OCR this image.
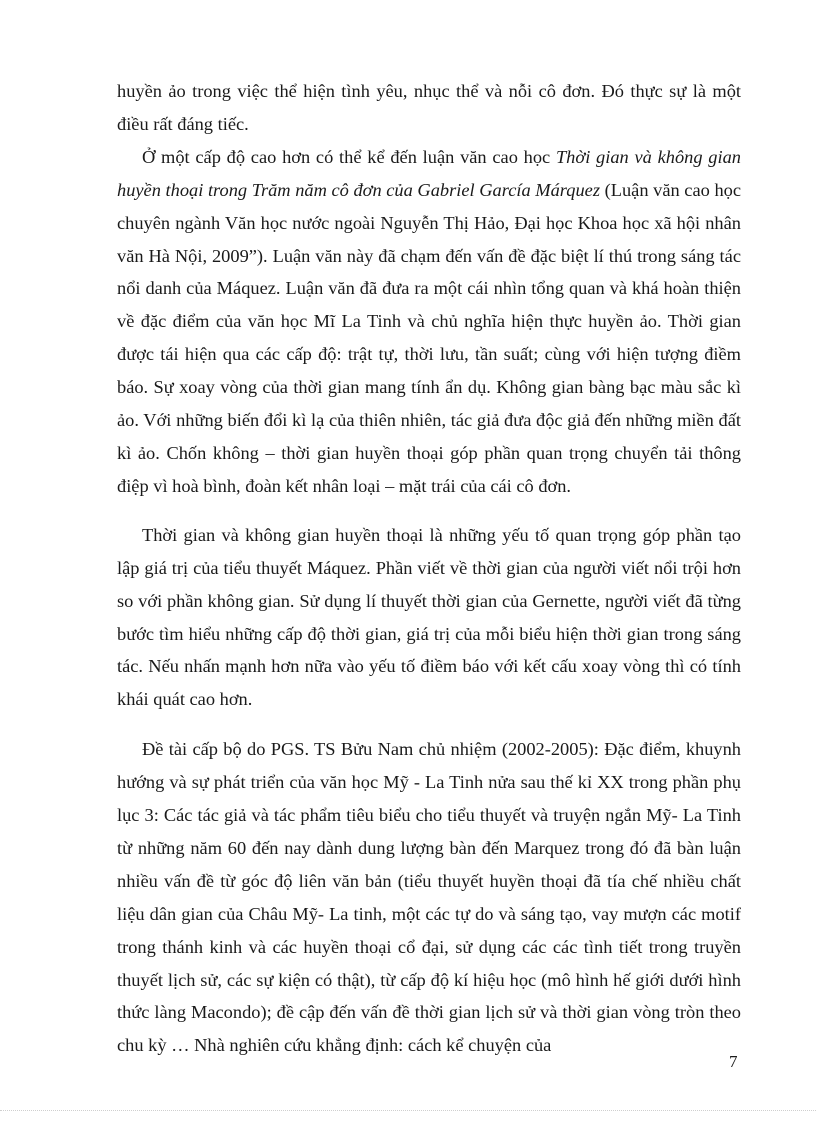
huyền ảo trong việc thể hiện tình yêu, nhục thể và nỗi cô đơn. Đó thực sự là một điều rất đáng tiếc.

Ở một cấp độ cao hơn có thể kể đến luận văn cao học Thời gian và không gian huyền thoại trong Trăm năm cô đơn của Gabriel García Márquez (Luận văn cao học chuyên ngành Văn học nước ngoài Nguyễn Thị Hảo, Đại học Khoa học xã hội nhân văn Hà Nội, 2009”). Luận văn này đã chạm đến vấn đề đặc biệt lí thú trong sáng tác nổi danh của Máquez. Luận văn đã đưa ra một cái nhìn tổng quan và khá hoàn thiện về đặc điểm của văn học Mĩ La Tinh và chủ nghĩa hiện thực huyền ảo. Thời gian được tái hiện qua các cấp độ: trật tự, thời lưu, tần suất; cùng với hiện tượng điềm báo. Sự xoay vòng của thời gian mang tính ẩn dụ. Không gian bàng bạc màu sắc kì ảo. Với những biến đổi kì lạ của thiên nhiên, tác giả đưa độc giả đến những miền đất kì ảo. Chốn không – thời gian huyền thoại góp phần quan trọng chuyển tải thông điệp vì hoà bình, đoàn kết nhân loại – mặt trái của cái cô đơn.

Thời gian và không gian huyền thoại là những yếu tố quan trọng góp phần tạo lập giá trị của tiểu thuyết Máquez. Phần viết về thời gian của người viết nổi trội hơn so với phần không gian. Sử dụng lí thuyết thời gian của Gernette, người viết đã từng bước tìm hiểu những cấp độ thời gian, giá trị của mỗi biểu hiện thời gian trong sáng tác. Nếu nhấn mạnh hơn nữa vào yếu tố điềm báo với kết cấu xoay vòng thì có tính khái quát cao hơn.

Đề tài cấp bộ do PGS. TS Bửu Nam chủ nhiệm (2002-2005): Đặc điểm, khuynh hướng và sự phát triển của văn học Mỹ - La Tinh nửa sau thế kỉ XX trong phần phụ lục 3: Các tác giả và tác phẩm tiêu biểu cho tiểu thuyết và truyện ngắn Mỹ- La Tinh từ những năm 60 đến nay dành dung lượng bàn đến Marquez trong đó đã bàn luận nhiều vấn đề từ góc độ liên văn bản (tiểu thuyết huyền thoại đã tía chế nhiều chất liệu dân gian của Châu Mỹ- La tinh, một các tự do và sáng tạo, vay mượn các motif trong thánh kinh và các huyền thoại cổ đại, sử dụng các các tình tiết trong truyền thuyết lịch sử, các sự kiện có thật), từ cấp độ kí hiệu học (mô hình hế giới dưới hình thức làng Macondo); đề cập đến vấn đề thời gian lịch sử và thời gian vòng tròn theo chu kỳ … Nhà nghiên cứu khẳng định: cách kể chuyện của

7
